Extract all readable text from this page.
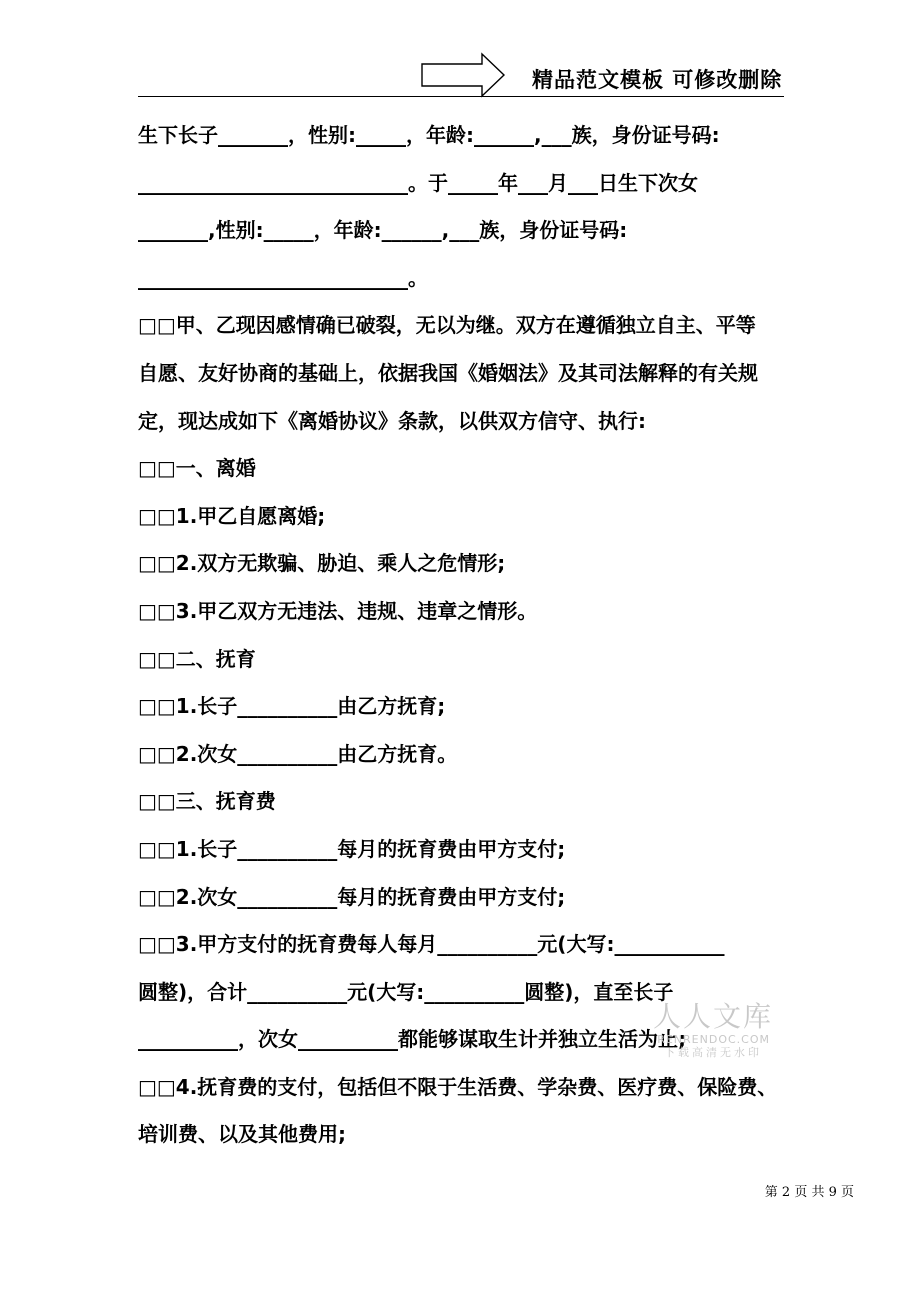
精品范文模板 可修改删除
生下长子_______，性别:_____，年龄:______,___族，身份证号码:
___________________________。于_____年___月___日生下次女
_______,性别:_____，年龄:______,___族，身份证号码:
___________________________。
□□甲、乙现因感情确已破裂，无以为继。双方在遵循独立自主、平等
自愿、友好协商的基础上，依据我国《婚姻法》及其司法解释的有关规
定，现达成如下《离婚协议》条款，以供双方信守、执行:
□□一、离婚
□□1.甲乙自愿离婚;
□□2.双方无欺骗、胁迫、乘人之危情形;
□□3.甲乙双方无违法、违规、违章之情形。
□□二、抚育
□□1.长子__________由乙方抚育;
□□2.次女__________由乙方抚育。
□□三、抚育费
□□1.长子__________每月的抚育费由甲方支付;
□□2.次女__________每月的抚育费由甲方支付;
□□3.甲方支付的抚育费每人每月__________元(大写:___________
圆整)，合计__________元(大写:__________圆整)，直至长子
__________，次女__________都能够谋取生计并独立生活为止;
□□4.抚育费的支付，包括但不限于生活费、学杂费、医疗费、保险费、
培训费、以及其他费用;
人人文库
RENRENDOC.COM
下载高清无水印
第 2 页 共 9 页
